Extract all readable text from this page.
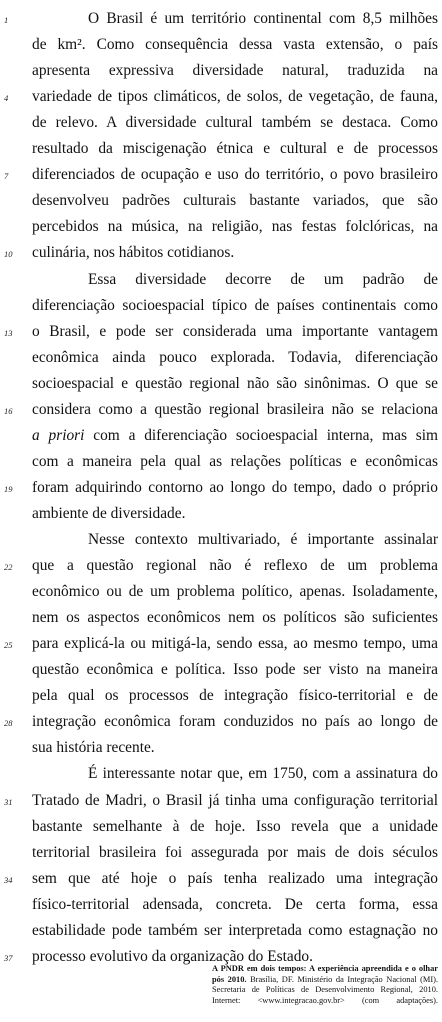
1	O Brasil é um território continental com 8,5 milhões
de km². Como consequência dessa vasta extensão, o país
apresenta expressiva diversidade natural, traduzida na
4	variedade de tipos climáticos, de solos, de vegetação, de fauna,
de relevo. A diversidade cultural também se destaca. Como
resultado da miscigenação étnica e cultural e de processos
7	diferenciados de ocupação e uso do território, o povo brasileiro
desenvolveu padrões culturais bastante variados, que são
percebidos na música, na religião, nas festas folclóricas, na
10	culinária, nos hábitos cotidianos.
Essa diversidade decorre de um padrão de
diferenciação socioespacial típico de países continentais como
13	o Brasil, e pode ser considerada uma importante vantagem
econômica ainda pouco explorada. Todavia, diferenciação
socioespacial e questão regional não são sinônimas. O que se
16	considera como a questão regional brasileira não se relaciona
a priori com a diferenciação socioespacial interna, mas sim
com a maneira pela qual as relações políticas e econômicas
19	foram adquirindo contorno ao longo do tempo, dado o próprio
ambiente de diversidade.
Nesse contexto multivariado, é importante assinalar
22	que a questão regional não é reflexo de um problema
econômico ou de um problema político, apenas. Isoladamente,
nem os aspectos econômicos nem os políticos são suficientes
25	para explicá-la ou mitigá-la, sendo essa, ao mesmo tempo, uma
questão econômica e política. Isso pode ser visto na maneira
pela qual os processos de integração físico-territorial e de
28	integração econômica foram conduzidos no país ao longo de
sua história recente.
É interessante notar que, em 1750, com a assinatura do
31	Tratado de Madri, o Brasil já tinha uma configuração territorial
bastante semelhante à de hoje. Isso revela que a unidade
territorial brasileira foi assegurada por mais de dois séculos
34	sem que até hoje o país tenha realizado uma integração
físico-territorial adensada, concreta. De certa forma, essa
estabilidade pode também ser interpretada como estagnação no
37	processo evolutivo da organização do Estado.
A PNDR em dois tempos: A experiência apreendida e o olhar
pós 2010. Brasília, DF. Ministério da Integração Nacional (MI).
Secretaria de Políticas de Desenvolvimento Regional, 2010.
Internet: <www.integracao.gov.br> (com adaptações).
